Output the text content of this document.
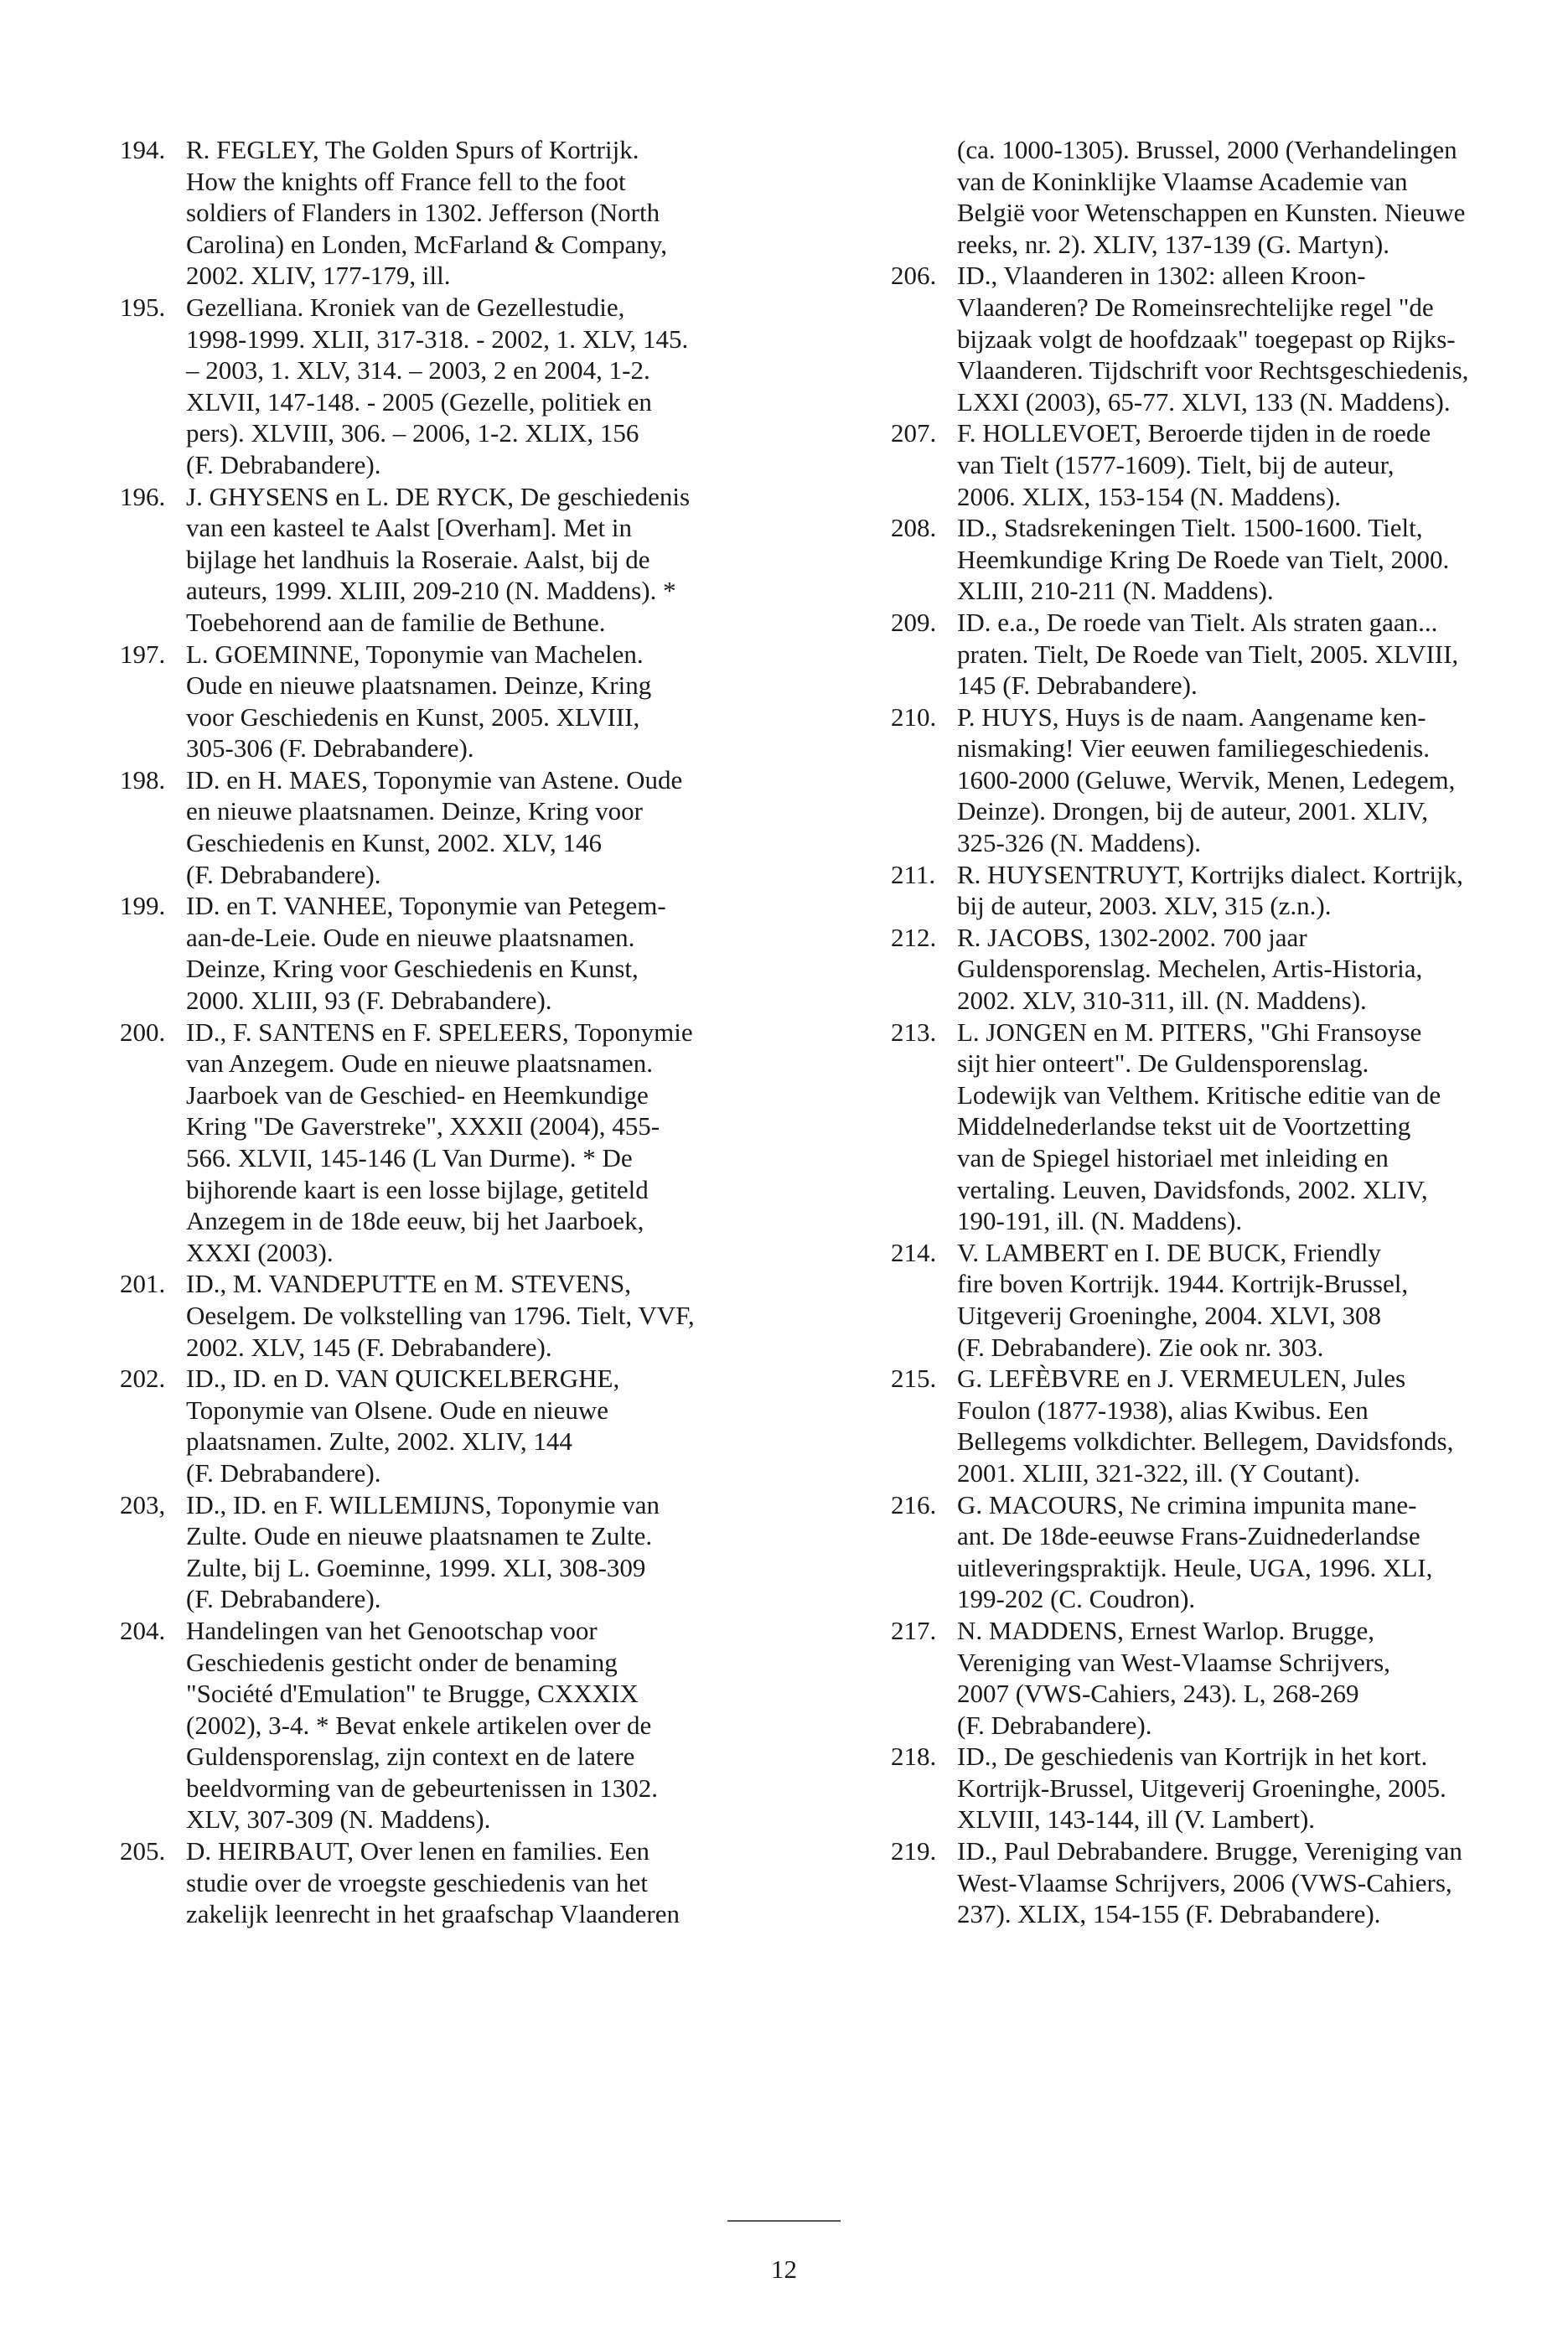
194. R. FEGLEY, The Golden Spurs of Kortrijk.
How the knights off France fell to the foot
soldiers of Flanders in 1302. Jefferson (North
Carolina) en Londen, McFarland & Company,
2002. XLIV, 177-179, ill.

195. Gezelliana. Kroniek van de Gezellestudie,
1998-1999. XLII, 317-318. - 2002, 1. XLV, 145.
– 2003, 1. XLV, 314. – 2003, 2 en 2004, 1-2.
XLVII, 147-148. - 2005 (Gezelle, politiek en
pers). XLVIII, 306. – 2006, 1-2. XLIX, 156
(F. Debrabandere).

196. J. GHYSENS en L. DE RYCK, De geschiedenis
van een kasteel te Aalst [Overham]. Met in
bijlage het landhuis la Roseraie. Aalst, bij de
auteurs, 1999. XLIII, 209-210 (N. Maddens). *
Toebehorend aan de familie de Bethune.

197. L. GOEMINNE, Toponymie van Machelen.
Oude en nieuwe plaatsnamen. Deinze, Kring
voor Geschiedenis en Kunst, 2005. XLVIII,
305-306 (F. Debrabandere).

198. ID. en H. MAES, Toponymie van Astene. Oude
en nieuwe plaatsnamen. Deinze, Kring voor
Geschiedenis en Kunst, 2002. XLV, 146
(F. Debrabandere).

199. ID. en T. VANHEE, Toponymie van Petegem-
aan-de-Leie. Oude en nieuwe plaatsnamen.
Deinze, Kring voor Geschiedenis en Kunst,
2000. XLIII, 93 (F. Debrabandere).

200. ID., F. SANTENS en F. SPELEERS, Toponymie
van Anzegem. Oude en nieuwe plaatsnamen.
Jaarboek van de Geschied- en Heemkundige
Kring "De Gaverstreke", XXXII (2004), 455-
566. XLVII, 145-146 (L Van Durme). * De
bijhorende kaart is een losse bijlage, getiteld
Anzegem in de 18de eeuw, bij het Jaarboek,
XXXI (2003).

201. ID., M. VANDEPUTTE en M. STEVENS,
Oeselgem. De volkstelling van 1796. Tielt, VVF,
2002. XLV, 145 (F. Debrabandere).

202. ID., ID. en D. VAN QUICKELBERGHE,
Toponymie van Olsene. Oude en nieuwe
plaatsnamen. Zulte, 2002. XLIV, 144
(F. Debrabandere).

203, ID., ID. en F. WILLEMIJNS, Toponymie van
Zulte. Oude en nieuwe plaatsnamen te Zulte.
Zulte, bij L. Goeminne, 1999. XLI, 308-309
(F. Debrabandere).

204. Handelingen van het Genootschap voor
Geschiedenis gesticht onder de benaming
"Société d'Emulation" te Brugge, CXXXIX
(2002), 3-4. * Bevat enkele artikelen over de
Guldensporenslag, zijn context en de latere
beeldvorming van de gebeurtenissen in 1302.
XLV, 307-309 (N. Maddens).

205. D. HEIRBAUT, Over lenen en families. Een
studie over de vroegste geschiedenis van het
zakelijk leenrecht in het graafschap Vlaanderen

(ca. 1000-1305). Brussel, 2000 (Verhandelingen
van de Koninklijke Vlaamse Academie van
België voor Wetenschappen en Kunsten. Nieuwe
reeks, nr. 2). XLIV, 137-139 (G. Martyn).

206. ID., Vlaanderen in 1302: alleen Kroon-
Vlaanderen? De Romeinsrechtelijke regel "de
bijzaak volgt de hoofdzaak" toegepast op Rijks-
Vlaanderen. Tijdschrift voor Rechtsgeschiedenis,
LXXI (2003), 65-77. XLVI, 133 (N. Maddens).

207. F. HOLLEVOET, Beroerde tijden in de roede
van Tielt (1577-1609). Tielt, bij de auteur,
2006. XLIX, 153-154 (N. Maddens).

208. ID., Stadsrekeningen Tielt. 1500-1600. Tielt,
Heemkundige Kring De Roede van Tielt, 2000.
XLIII, 210-211 (N. Maddens).

209. ID. e.a., De roede van Tielt. Als straten gaan...
praten. Tielt, De Roede van Tielt, 2005. XLVIII,
145 (F. Debrabandere).

210. P. HUYS, Huys is de naam. Aangename ken-
nismaking! Vier eeuwen familiegeschiedenis.
1600-2000 (Geluwe, Wervik, Menen, Ledegem,
Deinze). Drongen, bij de auteur, 2001. XLIV,
325-326 (N. Maddens).

211. R. HUYSENTRUYT, Kortrijks dialect. Kortrijk,
bij de auteur, 2003. XLV, 315 (z.n.).

212. R. JACOBS, 1302-2002. 700 jaar
Guldensporenslag. Mechelen, Artis-Historia,
2002. XLV, 310-311, ill. (N. Maddens).

213. L. JONGEN en M. PITERS, "Ghi Fransoyse
sijt hier onteert". De Guldensporenslag.
Lodewijk van Velthem. Kritische editie van de
Middelnederlandse tekst uit de Voortzetting
van de Spiegel historiael met inleiding en
vertaling. Leuven, Davidsfonds, 2002. XLIV,
190-191, ill. (N. Maddens).

214. V. LAMBERT en I. DE BUCK, Friendly
fire boven Kortrijk. 1944. Kortrijk-Brussel,
Uitgeverij Groeninghe, 2004. XLVI, 308
(F. Debrabandere). Zie ook nr. 303.

215. G. LEFÈBVRE en J. VERMEULEN, Jules
Foulon (1877-1938), alias Kwibus. Een
Bellegems volkdichter. Bellegem, Davidsfonds,
2001. XLIII, 321-322, ill. (Y Coutant).

216. G. MACOURS, Ne crimina impunita mane-
ant. De 18de-eeuwse Frans-Zuidnederlandse
uitleveringspraktijk. Heule, UGA, 1996. XLI,
199-202 (C. Coudron).

217. N. MADDENS, Ernest Warlop. Brugge,
Vereniging van West-Vlaamse Schrijvers,
2007 (VWS-Cahiers, 243). L, 268-269
(F. Debrabandere).

218. ID., De geschiedenis van Kortrijk in het kort.
Kortrijk-Brussel, Uitgeverij Groeninghe, 2005.
XLVIII, 143-144, ill (V. Lambert).

219. ID., Paul Debrabandere. Brugge, Vereniging van
West-Vlaamse Schrijvers, 2006 (VWS-Cahiers,
237). XLIX, 154-155 (F. Debrabandere).

12
